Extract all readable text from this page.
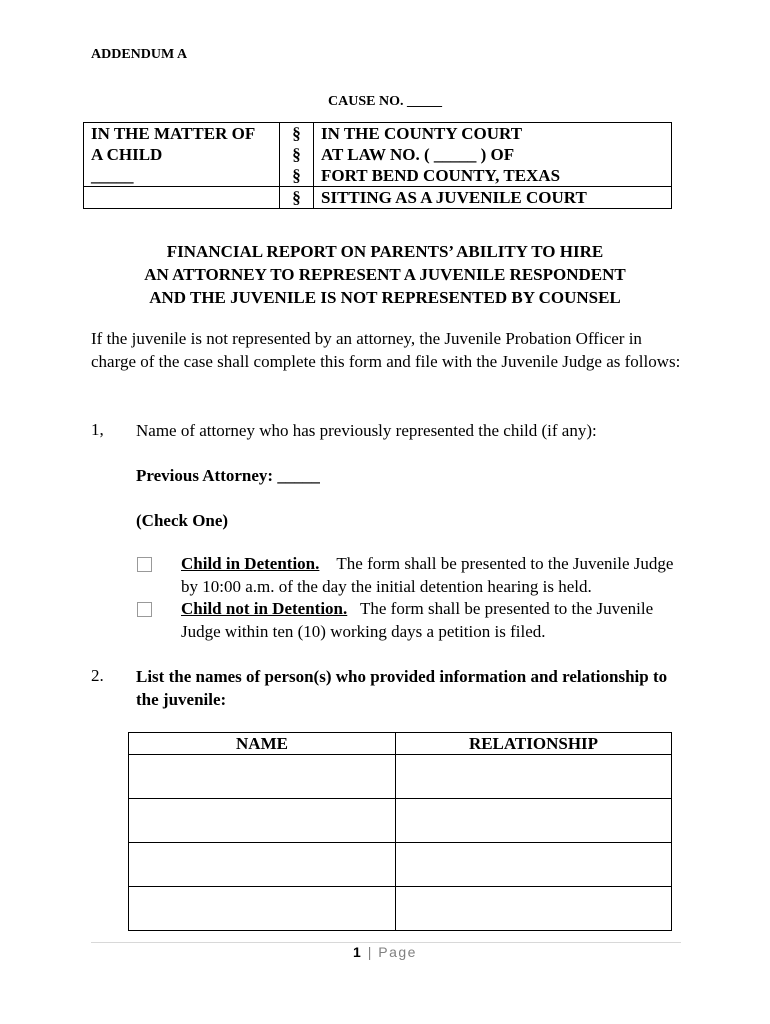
ADDENDUM A
CAUSE NO. _____
IN THE MATTER OF	§	IN THE COUNTY COURT
A CHILD	§	AT LAW NO. ( _____ ) OF
_____	§	FORT BEND COUNTY, TEXAS
	§	SITTING AS A JUVENILE COURT
FINANCIAL REPORT ON PARENTS’ ABILITY TO HIRE
AN ATTORNEY TO REPRESENT A JUVENILE RESPONDENT
AND THE JUVENILE IS NOT REPRESENTED BY COUNSEL
If the juvenile is not represented by an attorney, the Juvenile Probation Officer in charge of the case shall complete this form and file with the Juvenile Judge as follows:
1, Name of attorney who has previously represented the child (if any):
Previous Attorney: _____
(Check One)
Child in Detention. The form shall be presented to the Juvenile Judge by 10:00 a.m. of the day the initial detention hearing is held.
Child not in Detention. The form shall be presented to the Juvenile Judge within ten (10) working days a petition is filed.
2. List the names of person(s) who provided information and relationship to the juvenile:
NAME	RELATIONSHIP

1 | Page
